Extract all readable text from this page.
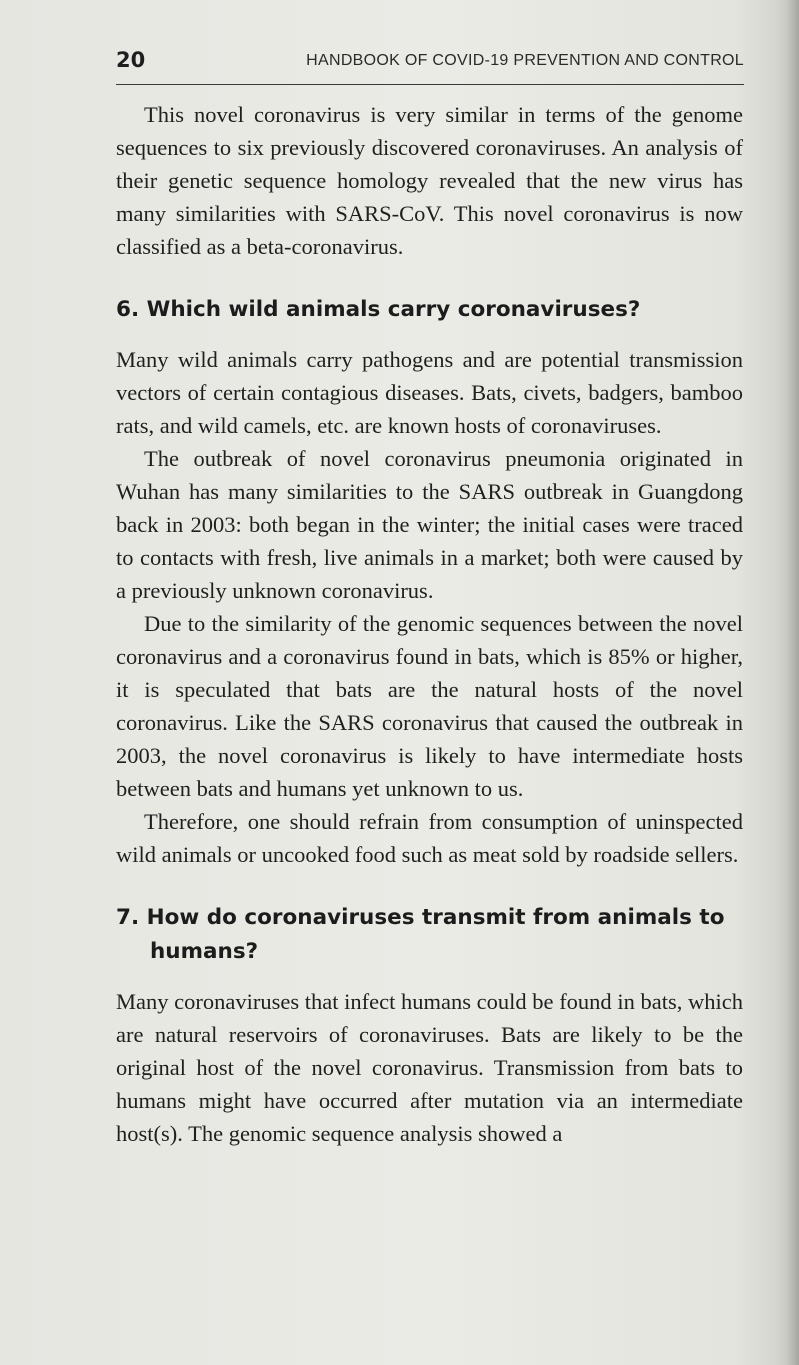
20	HANDBOOK OF COVID-19 PREVENTION AND CONTROL

This novel coronavirus is very similar in terms of the genome sequences to six previously discovered coronaviruses. An analysis of their genetic sequence homology revealed that the new virus has many similarities with SARS-CoV. This novel coronavirus is now classified as a beta-coronavirus.

6. Which wild animals carry coronaviruses?

Many wild animals carry pathogens and are potential transmission vectors of certain contagious diseases. Bats, civets, badgers, bamboo rats, and wild camels, etc. are known hosts of coronaviruses.

The outbreak of novel coronavirus pneumonia originated in Wuhan has many similarities to the SARS outbreak in Guangdong back in 2003: both began in the winter; the initial cases were traced to contacts with fresh, live animals in a market; both were caused by a previously unknown coronavirus.

Due to the similarity of the genomic sequences between the novel coronavirus and a coronavirus found in bats, which is 85% or higher, it is speculated that bats are the natural hosts of the novel coronavirus. Like the SARS coronavirus that caused the outbreak in 2003, the novel coronavirus is likely to have intermediate hosts between bats and humans yet unknown to us.

Therefore, one should refrain from consumption of uninspected wild animals or uncooked food such as meat sold by roadside sellers.

7. How do coronaviruses transmit from animals to humans?

Many coronaviruses that infect humans could be found in bats, which are natural reservoirs of coronaviruses. Bats are likely to be the original host of the novel coronavirus. Transmission from bats to humans might have occurred after mutation via an intermediate host(s). The genomic sequence analysis showed a
